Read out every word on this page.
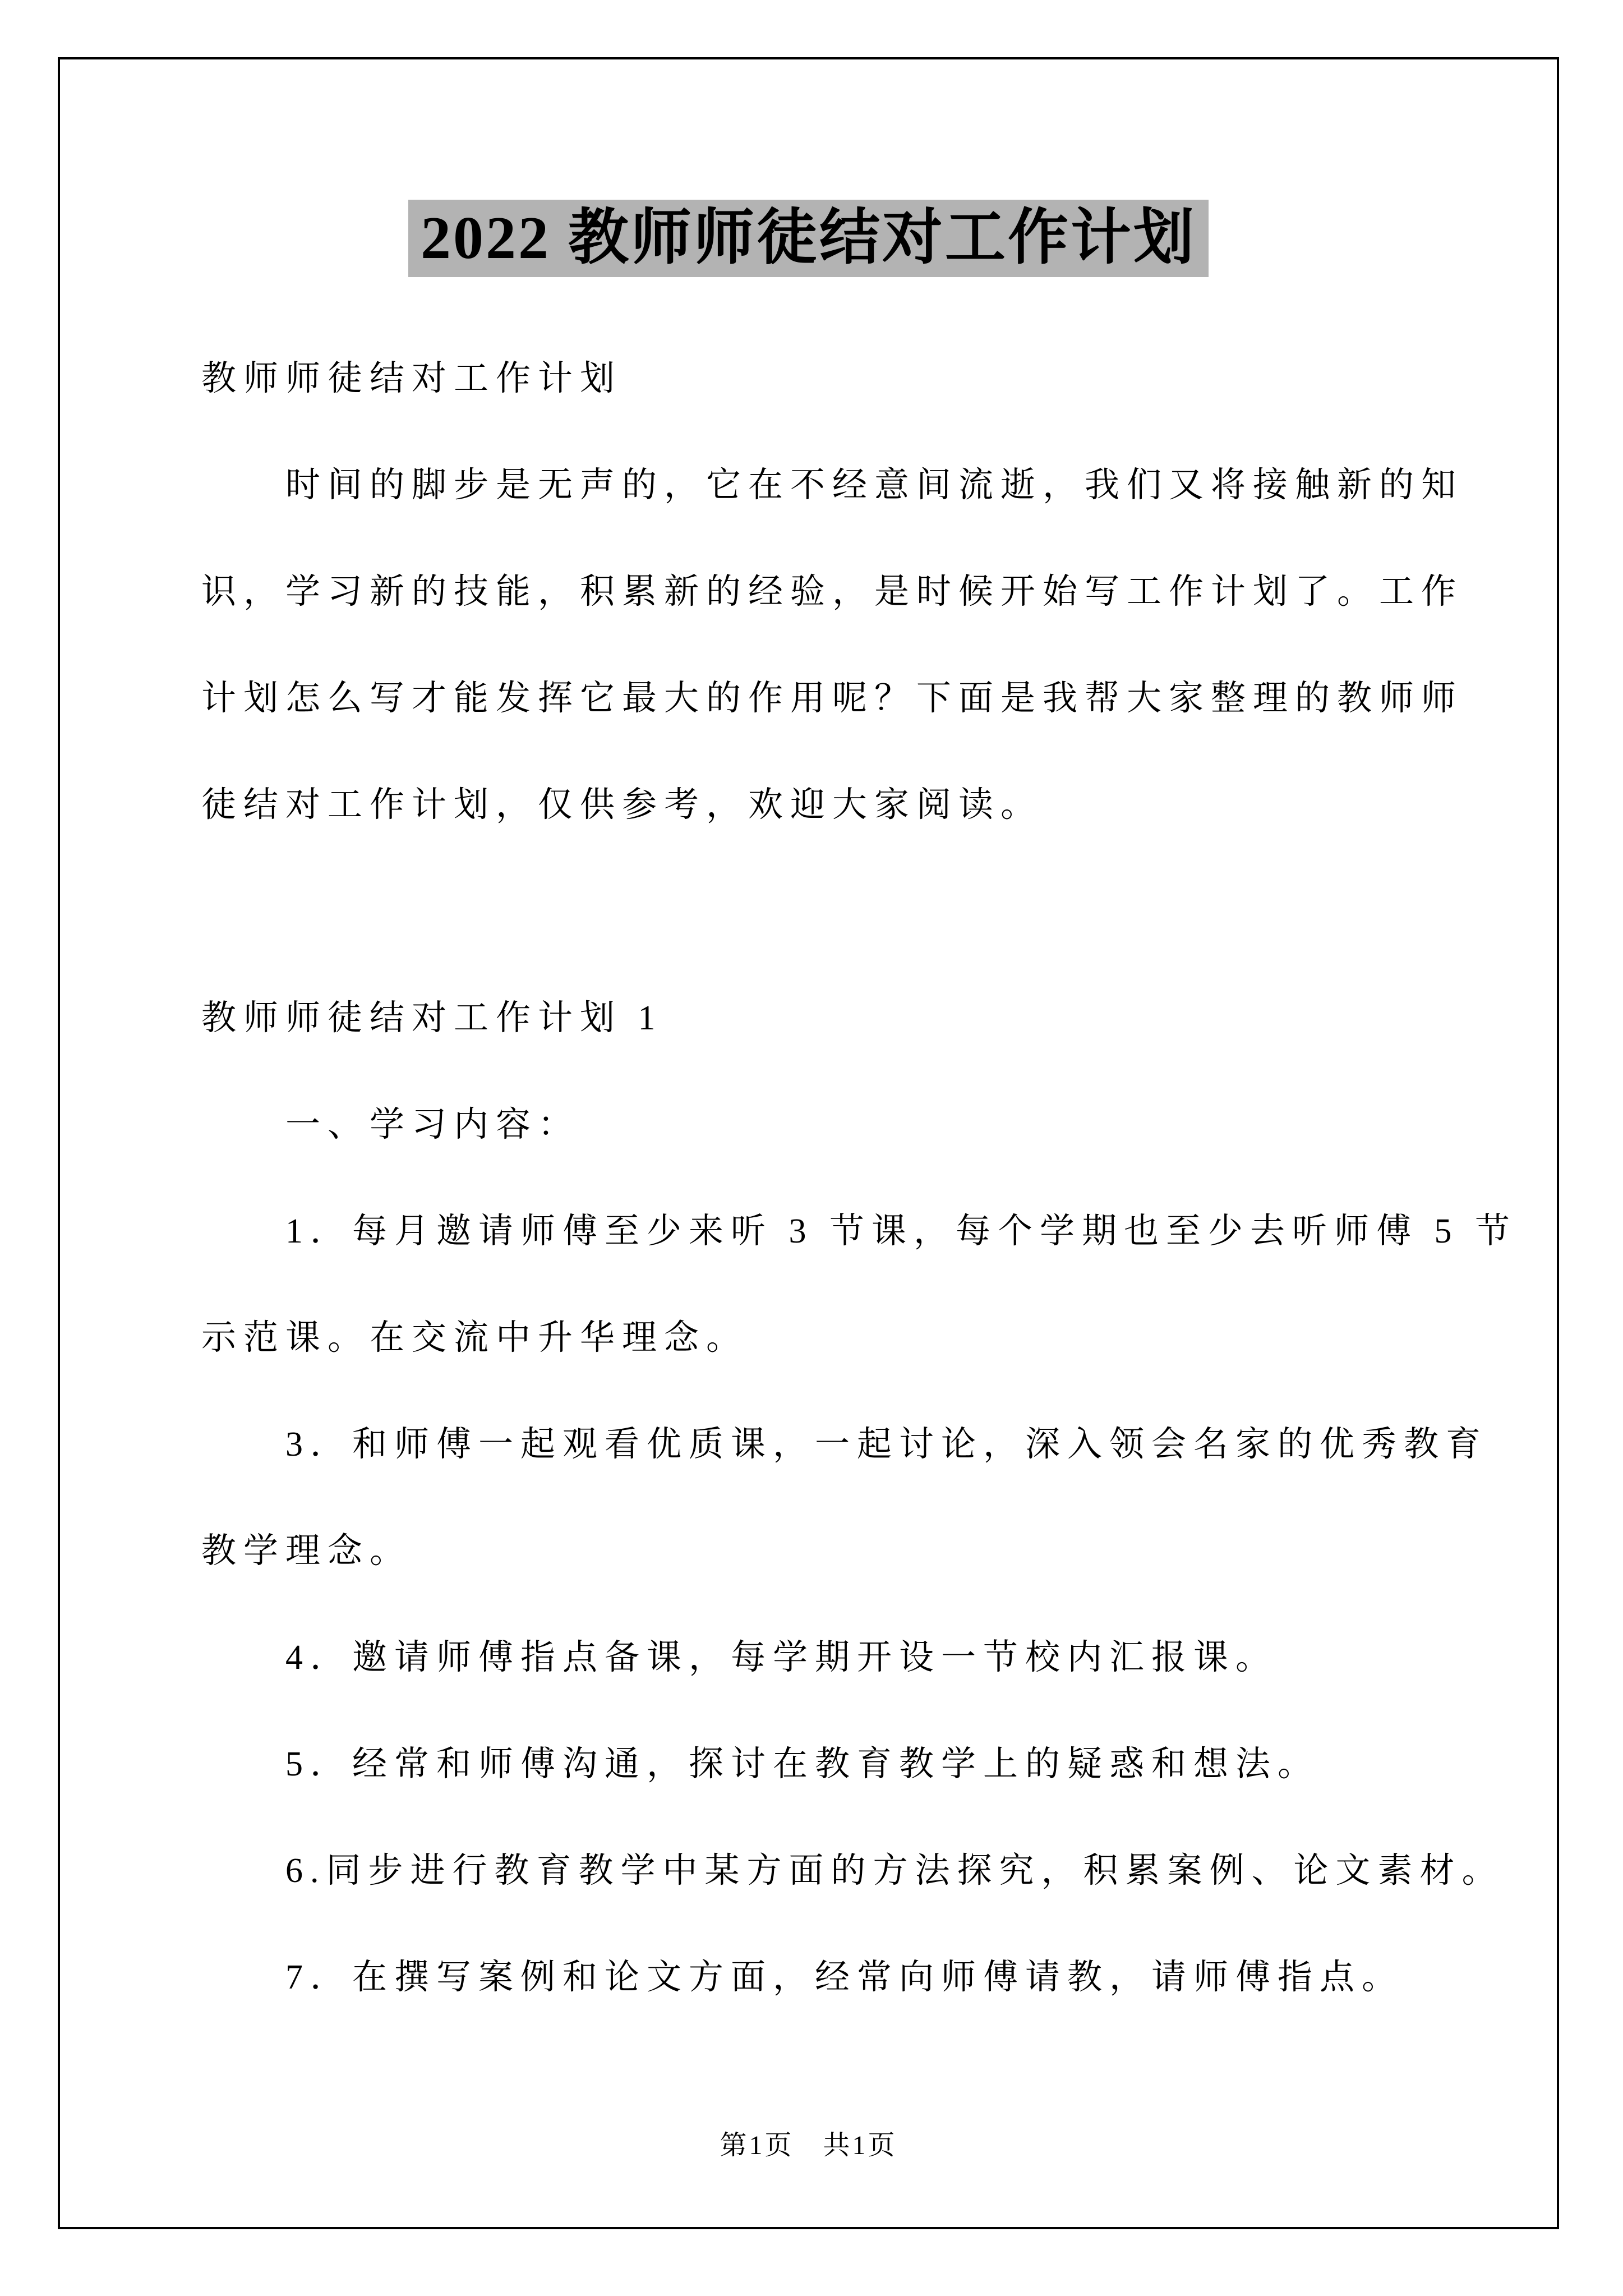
2022 教师师徒结对工作计划
教师师徒结对工作计划
时间的脚步是无声的，它在不经意间流逝，我们又将接触新的知
识，学习新的技能，积累新的经验，是时候开始写工作计划了。工作
计划怎么写才能发挥它最大的作用呢？下面是我帮大家整理的教师师
徒结对工作计划，仅供参考，欢迎大家阅读。
教师师徒结对工作计划 1
一、学习内容：
1．每月邀请师傅至少来听 3 节课，每个学期也至少去听师傅 5 节
示范课。在交流中升华理念。
3．和师傅一起观看优质课，一起讨论，深入领会名家的优秀教育
教学理念。
4．邀请师傅指点备课，每学期开设一节校内汇报课。
5．经常和师傅沟通，探讨在教育教学上的疑惑和想法。
6.同步进行教育教学中某方面的方法探究，积累案例、论文素材。
7．在撰写案例和论文方面，经常向师傅请教，请师傅指点。
第1页　共1页
